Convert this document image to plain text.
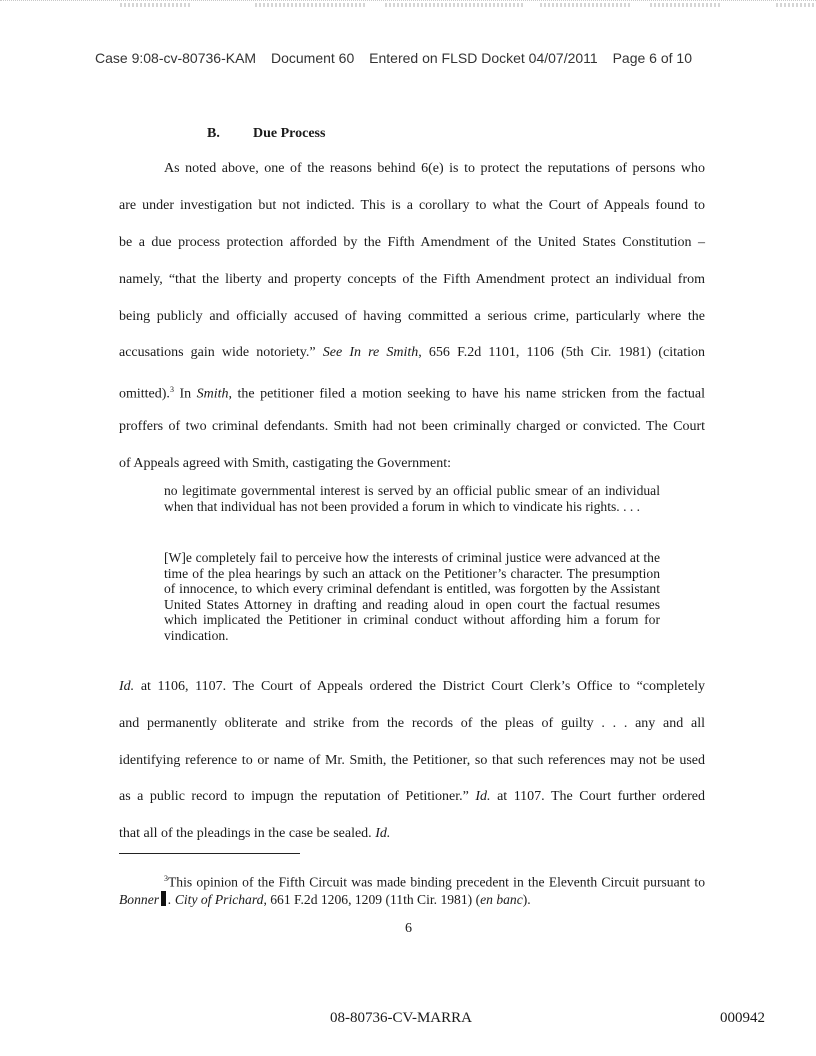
Case 9:08-cv-80736-KAM Document 60 Entered on FLSD Docket 04/07/2011 Page 6 of 10
B. Due Process
As noted above, one of the reasons behind 6(e) is to protect the reputations of persons who
are under investigation but not indicted. This is a corollary to what the Court of Appeals found to
be a due process protection afforded by the Fifth Amendment of the United States Constitution –
namely, “that the liberty and property concepts of the Fifth Amendment protect an individual from
being publicly and officially accused of having committed a serious crime, particularly where the
accusations gain wide notoriety.” See In re Smith, 656 F.2d 1101, 1106 (5th Cir. 1981) (citation
omitted).$^3$ In Smith, the petitioner filed a motion seeking to have his name stricken from the factual
proffers of two criminal defendants. Smith had not been criminally charged or convicted. The Court
of Appeals agreed with Smith, castigating the Government:
no legitimate governmental interest is served by an official public smear of an individual when that individual has not been provided a forum in which to vindicate his rights. . . .
[W]e completely fail to perceive how the interests of criminal justice were advanced at the time of the plea hearings by such an attack on the Petitioner’s character. The presumption of innocence, to which every criminal defendant is entitled, was forgotten by the Assistant United States Attorney in drafting and reading aloud in open court the factual resumes which implicated the Petitioner in criminal conduct without affording him a forum for vindication.
Id. at 1106, 1107. The Court of Appeals ordered the District Court Clerk’s Office to “completely
and permanently obliterate and strike from the records of the pleas of guilty . . . any and all
identifying reference to or name of Mr. Smith, the Petitioner, so that such references may not be used
as a public record to impugn the reputation of Petitioner.” Id. at 1107. The Court further ordered
that all of the pleadings in the case be sealed. Id.
$^3$This opinion of the Fifth Circuit was made binding precedent in the Eleventh Circuit pursuant to Bonner . City of Prichard, 661 F.2d 1206, 1209 (11th Cir. 1981) (en banc).
6
08-80736-CV-MARRA	000942
